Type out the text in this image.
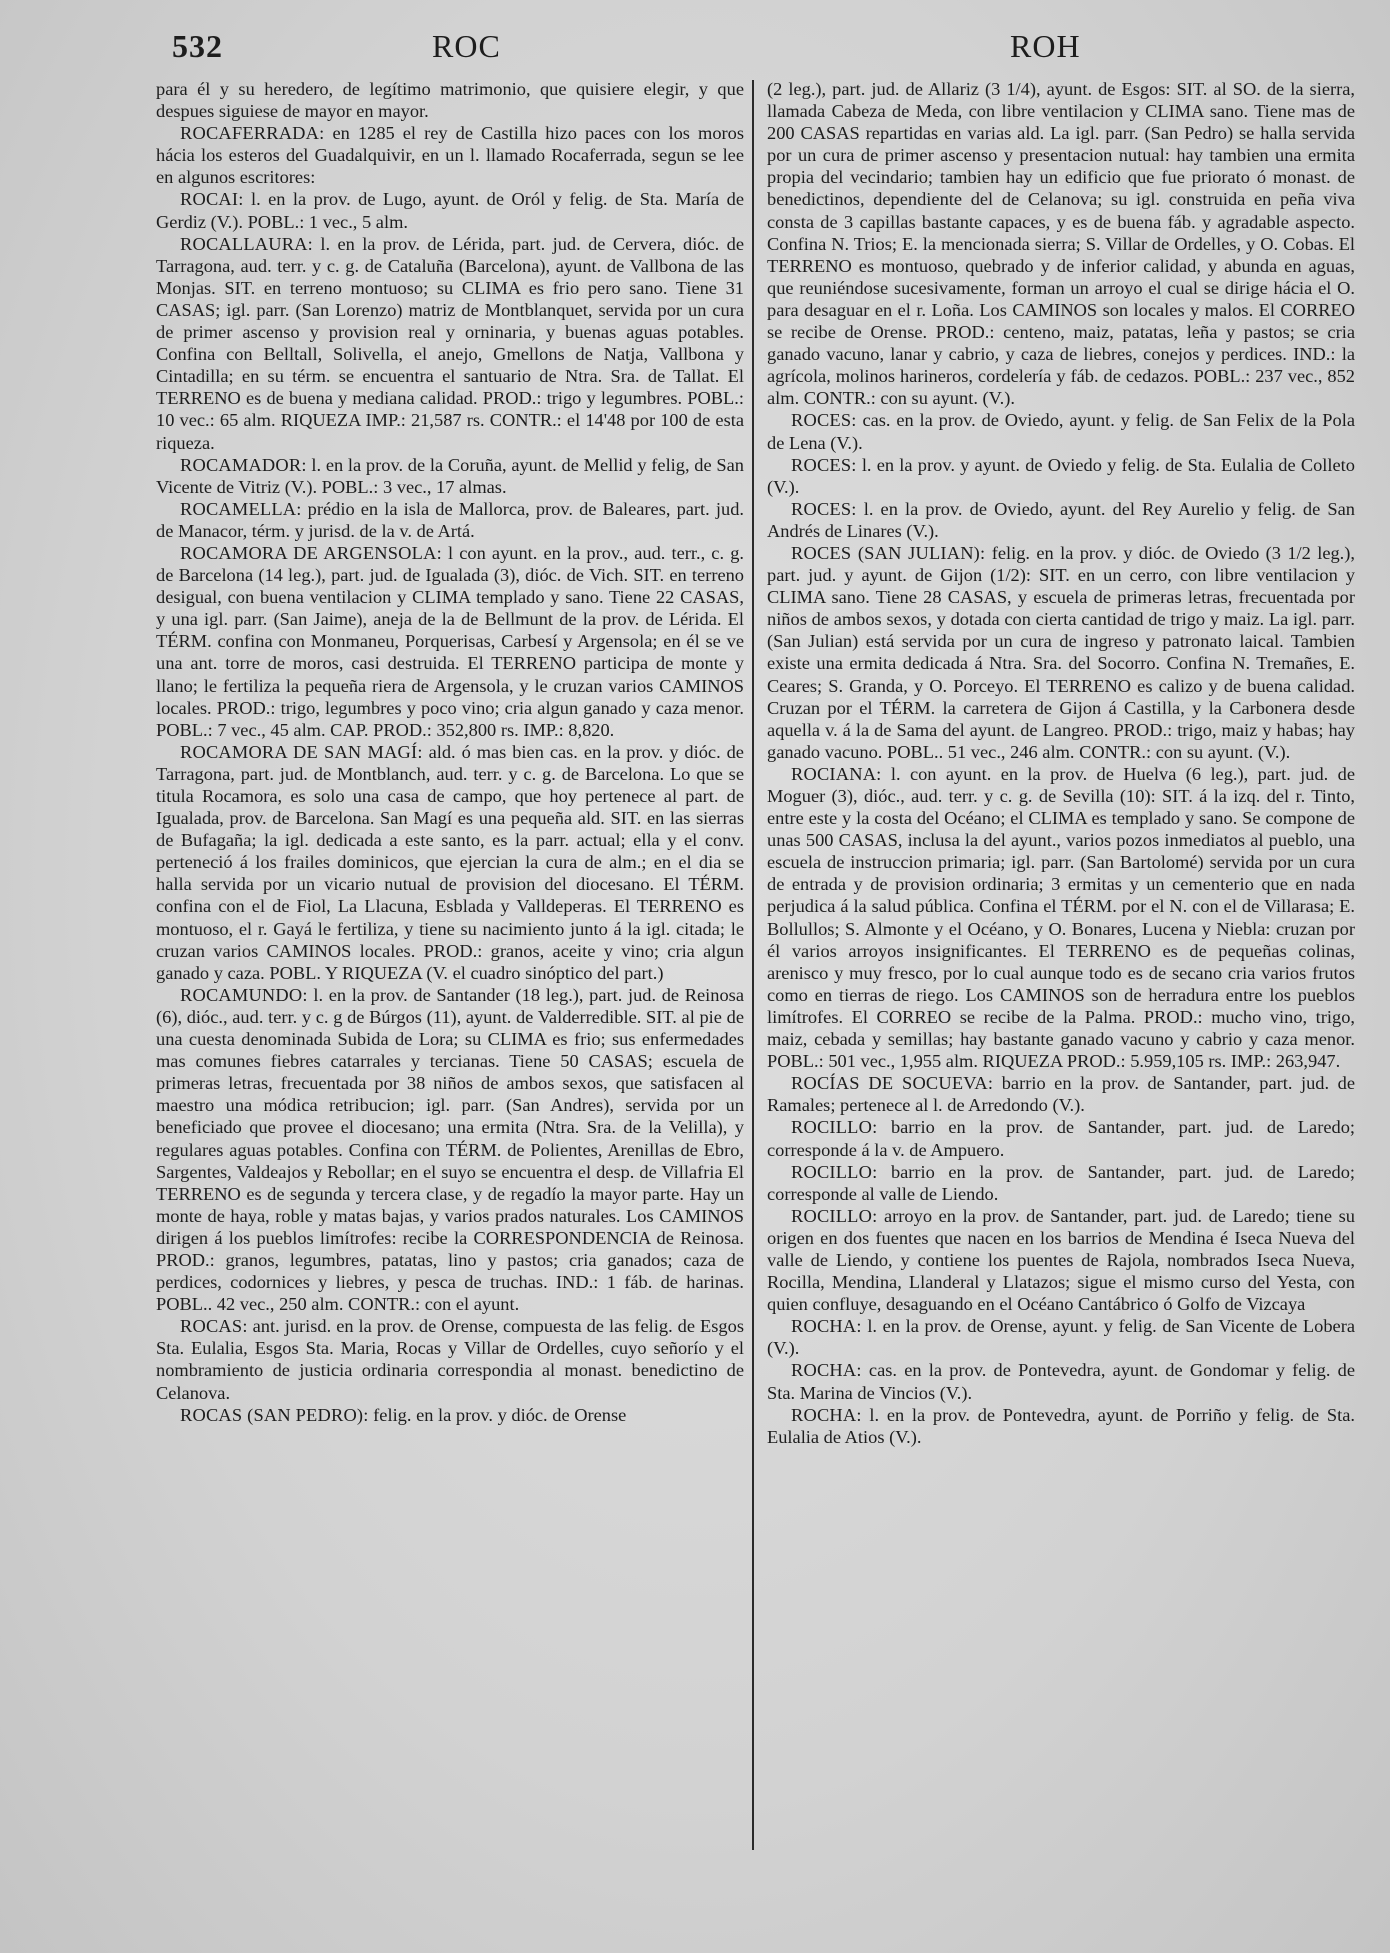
532	ROC	ROH

para él y su heredero, de legítimo matrimonio, que quisiere elegir, y que despues siguiese de mayor en mayor.

ROCAFERRADA: en 1285 el rey de Castilla hizo paces con los moros hácia los esteros del Guadalquivir, en un l. llamado Rocaferrada, segun se lee en algunos escritores:

ROCAI: l. en la prov. de Lugo, ayunt. de Oról y felig. de Sta. María de Gerdiz (V.). POBL.: 1 vec., 5 alm.

ROCALLAURA: l. en la prov. de Lérida, part. jud. de Cervera, dióc. de Tarragona, aud. terr. y c. g. de Cataluña (Barcelona), ayunt. de Vallbona de las Monjas. SIT. en terreno montuoso; su CLIMA es frio pero sano. Tiene 31 CASAS; igl. parr. (San Lorenzo) matriz de Montblanquet, servida por un cura de primer ascenso y provision real y orninaria, y buenas aguas potables. Confina con Belltall, Solivella, el anejo, Gmellons de Natja, Vallbona y Cintadilla; en su térm. se encuentra el santuario de Ntra. Sra. de Tallat. El TERRENO es de buena y mediana calidad. PROD.: trigo y legumbres. POBL.: 10 vec.: 65 alm. RIQUEZA IMP.: 21,587 rs. CONTR.: el 14'48 por 100 de esta riqueza.

ROCAMADOR: l. en la prov. de la Coruña, ayunt. de Mellid y felig, de San Vicente de Vitriz (V.). POBL.: 3 vec., 17 almas.

ROCAMELLA: prédio en la isla de Mallorca, prov. de Baleares, part. jud. de Manacor, térm. y jurisd. de la v. de Artá.

ROCAMORA DE ARGENSOLA: l con ayunt. en la prov., aud. terr., c. g. de Barcelona (14 leg.), part. jud. de Igualada (3), dióc. de Vich. SIT. en terreno desigual, con buena ventilacion y CLIMA templado y sano. Tiene 22 CASAS, y una igl. parr. (San Jaime), aneja de la de Bellmunt de la prov. de Lérida. El TÉRM. confina con Monmaneu, Porquerisas, Carbesí y Argensola; en él se ve una ant. torre de moros, casi destruida. El TERRENO participa de monte y llano; le fertiliza la pequeña riera de Argensola, y le cruzan varios CAMINOS locales. PROD.: trigo, legumbres y poco vino; cria algun ganado y caza menor. POBL.: 7 vec., 45 alm. CAP. PROD.: 352,800 rs. IMP.: 8,820.

ROCAMORA DE SAN MAGÍ: ald. ó mas bien cas. en la prov. y dióc. de Tarragona, part. jud. de Montblanch, aud. terr. y c. g. de Barcelona. Lo que se titula Rocamora, es solo una casa de campo, que hoy pertenece al part. de Igualada, prov. de Barcelona. San Magí es una pequeña ald. SIT. en las sierras de Bufagaña; la igl. dedicada a este santo, es la parr. actual; ella y el conv. perteneció á los frailes dominicos, que ejercian la cura de alm.; en el dia se halla servida por un vicario nutual de provision del diocesano. El TÉRM. confina con el de Fiol, La Llacuna, Esblada y Valldeperas. El TERRENO es montuoso, el r. Gayá le fertiliza, y tiene su nacimiento junto á la igl. citada; le cruzan varios CAMINOS locales. PROD.: granos, aceite y vino; cria algun ganado y caza. POBL. Y RIQUEZA (V. el cuadro sinóptico del part.)

ROCAMUNDO: l. en la prov. de Santander (18 leg.), part. jud. de Reinosa (6), dióc., aud. terr. y c. g de Búrgos (11), ayunt. de Valderredible. SIT. al pie de una cuesta denominada Subida de Lora; su CLIMA es frio; sus enfermedades mas comunes fiebres catarrales y tercianas. Tiene 50 CASAS; escuela de primeras letras, frecuentada por 38 niños de ambos sexos, que satisfacen al maestro una módica retribucion; igl. parr. (San Andres), servida por un beneficiado que provee el diocesano; una ermita (Ntra. Sra. de la Velilla), y regulares aguas potables. Confina con TÉRM. de Polientes, Arenillas de Ebro, Sargentes, Valdeajos y Rebollar; en el suyo se encuentra el desp. de Villafria El TERRENO es de segunda y tercera clase, y de regadío la mayor parte. Hay un monte de haya, roble y matas bajas, y varios prados naturales. Los CAMINOS dirigen á los pueblos limítrofes: recibe la CORRESPONDENCIA de Reinosa. PROD.: granos, legumbres, patatas, lino y pastos; cria ganados; caza de perdices, codornices y liebres, y pesca de truchas. IND.: 1 fáb. de harinas. POBL.. 42 vec., 250 alm. CONTR.: con el ayunt.

ROCAS: ant. jurisd. en la prov. de Orense, compuesta de las felig. de Esgos Sta. Eulalia, Esgos Sta. Maria, Rocas y Villar de Ordelles, cuyo señorío y el nombramiento de justicia ordinaria correspondia al monast. benedictino de Celanova.

ROCAS (SAN PEDRO): felig. en la prov. y dióc. de Orense

(2 leg.), part. jud. de Allariz (3 1/4), ayunt. de Esgos: SIT. al SO. de la sierra, llamada Cabeza de Meda, con libre ventilacion y CLIMA sano. Tiene mas de 200 CASAS repartidas en varias ald. La igl. parr. (San Pedro) se halla servida por un cura de primer ascenso y presentacion nutual: hay tambien una ermita propia del vecindario; tambien hay un edificio que fue priorato ó monast. de benedictinos, dependiente del de Celanova; su igl. construida en peña viva consta de 3 capillas bastante capaces, y es de buena fáb. y agradable aspecto. Confina N. Trios; E. la mencionada sierra; S. Villar de Ordelles, y O. Cobas. El TERRENO es montuoso, quebrado y de inferior calidad, y abunda en aguas, que reuniéndose sucesivamente, forman un arroyo el cual se dirige hácia el O. para desaguar en el r. Loña. Los CAMINOS son locales y malos. El CORREO se recibe de Orense. PROD.: centeno, maiz, patatas, leña y pastos; se cria ganado vacuno, lanar y cabrio, y caza de liebres, conejos y perdices. IND.: la agrícola, molinos harineros, cordelería y fáb. de cedazos. POBL.: 237 vec., 852 alm. CONTR.: con su ayunt. (V.).

ROCES: cas. en la prov. de Oviedo, ayunt. y felig. de San Felix de la Pola de Lena (V.).

ROCES: l. en la prov. y ayunt. de Oviedo y felig. de Sta. Eulalia de Colleto (V.).

ROCES: l. en la prov. de Oviedo, ayunt. del Rey Aurelio y felig. de San Andrés de Linares (V.).

ROCES (SAN JULIAN): felig. en la prov. y dióc. de Oviedo (3 1/2 leg.), part. jud. y ayunt. de Gijon (1/2): SIT. en un cerro, con libre ventilacion y CLIMA sano. Tiene 28 CASAS, y escuela de primeras letras, frecuentada por niños de ambos sexos, y dotada con cierta cantidad de trigo y maiz. La igl. parr. (San Julian) está servida por un cura de ingreso y patronato laical. Tambien existe una ermita dedicada á Ntra. Sra. del Socorro. Confina N. Tremañes, E. Ceares; S. Granda, y O. Porceyo. El TERRENO es calizo y de buena calidad. Cruzan por el TÉRM. la carretera de Gijon á Castilla, y la Carbonera desde aquella v. á la de Sama del ayunt. de Langreo. PROD.: trigo, maiz y habas; hay ganado vacuno. POBL.. 51 vec., 246 alm. CONTR.: con su ayunt. (V.).

ROCIANA: l. con ayunt. en la prov. de Huelva (6 leg.), part. jud. de Moguer (3), dióc., aud. terr. y c. g. de Sevilla (10): SIT. á la izq. del r. Tinto, entre este y la costa del Océano; el CLIMA es templado y sano. Se compone de unas 500 CASAS, inclusa la del ayunt., varios pozos inmediatos al pueblo, una escuela de instruccion primaria; igl. parr. (San Bartolomé) servida por un cura de entrada y de provision ordinaria; 3 ermitas y un cementerio que en nada perjudica á la salud pública. Confina el TÉRM. por el N. con el de Villarasa; E. Bollullos; S. Almonte y el Océano, y O. Bonares, Lucena y Niebla: cruzan por él varios arroyos insignificantes. El TERRENO es de pequeñas colinas, arenisco y muy fresco, por lo cual aunque todo es de secano cria varios frutos como en tierras de riego. Los CAMINOS son de herradura entre los pueblos limítrofes. El CORREO se recibe de la Palma. PROD.: mucho vino, trigo, maiz, cebada y semillas; hay bastante ganado vacuno y cabrio y caza menor. POBL.: 501 vec., 1,955 alm. RIQUEZA PROD.: 5.959,105 rs. IMP.: 263,947.

ROCÍAS DE SOCUEVA: barrio en la prov. de Santander, part. jud. de Ramales; pertenece al l. de Arredondo (V.).

ROCILLO: barrio en la prov. de Santander, part. jud. de Laredo; corresponde á la v. de Ampuero.

ROCILLO: barrio en la prov. de Santander, part. jud. de Laredo; corresponde al valle de Liendo.

ROCILLO: arroyo en la prov. de Santander, part. jud. de Laredo; tiene su origen en dos fuentes que nacen en los barrios de Mendina é Iseca Nueva del valle de Liendo, y contiene los puentes de Rajola, nombrados Iseca Nueva, Rocilla, Mendina, Llanderal y Llatazos; sigue el mismo curso del Yesta, con quien confluye, desaguando en el Océano Cantábrico ó Golfo de Vizcaya

ROCHA: l. en la prov. de Orense, ayunt. y felig. de San Vicente de Lobera (V.).

ROCHA: cas. en la prov. de Pontevedra, ayunt. de Gondomar y felig. de Sta. Marina de Vincios (V.).

ROCHA: l. en la prov. de Pontevedra, ayunt. de Porriño y felig. de Sta. Eulalia de Atios (V.).
